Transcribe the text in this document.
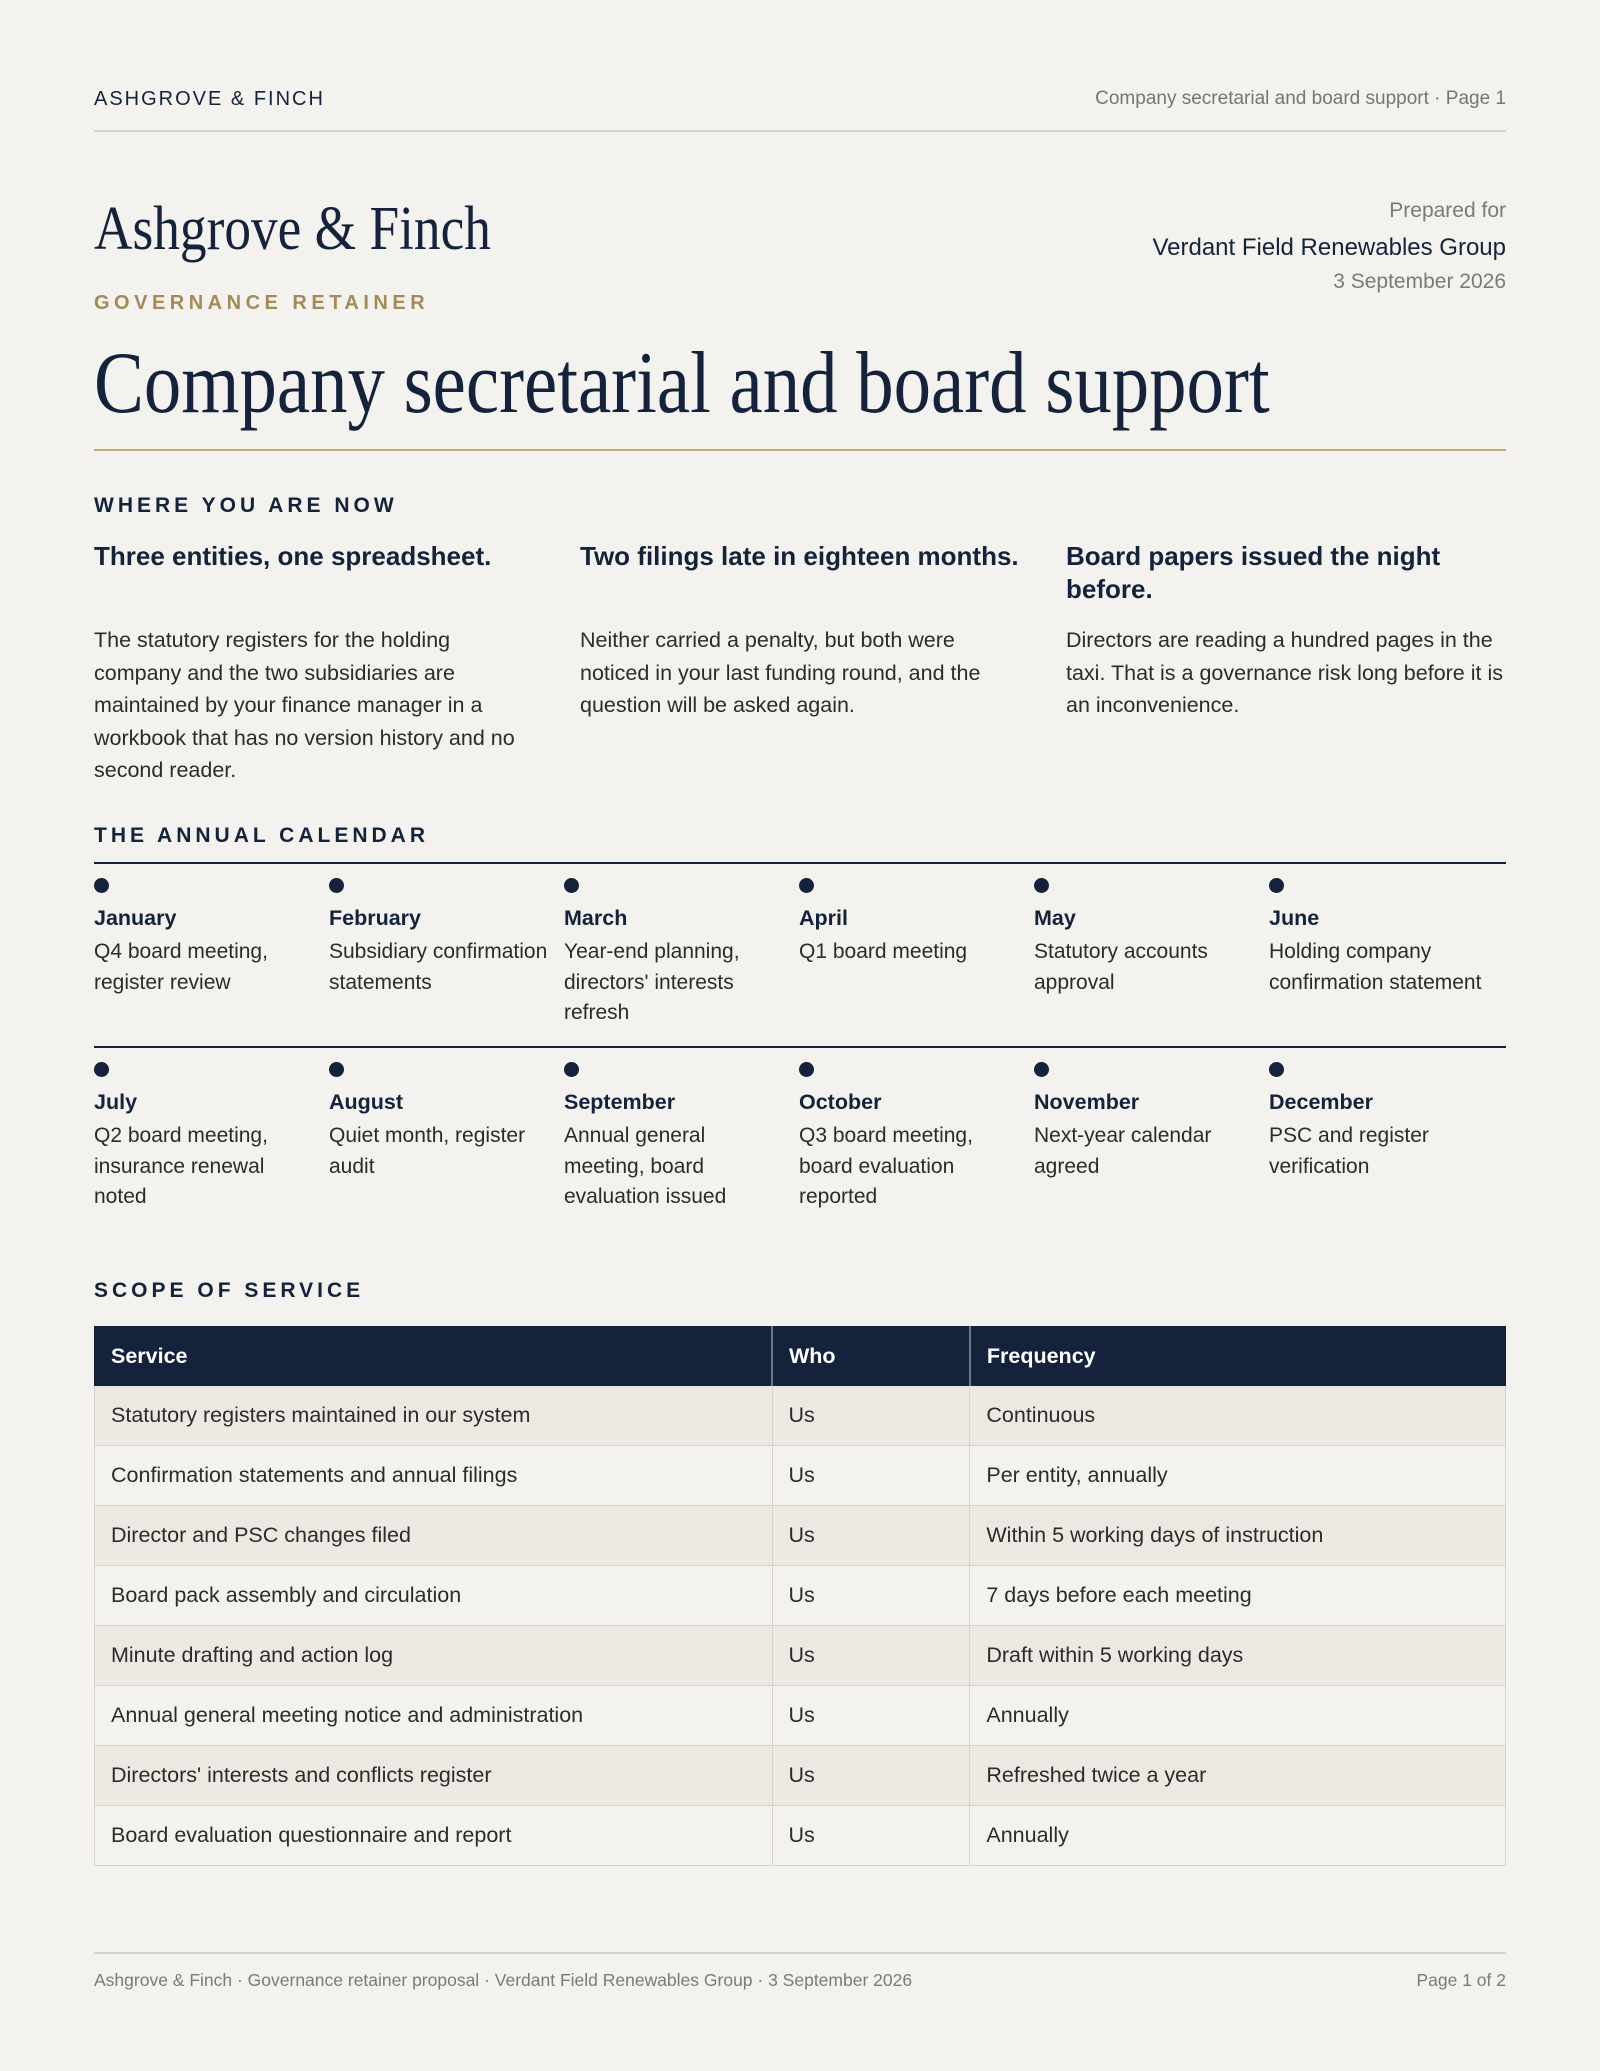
ASHGROVE & FINCH	Company secretarial and board support · Page 1
Ashgrove & Finch
GOVERNANCE RETAINER
Prepared for
Verdant Field Renewables Group
3 September 2026
Company secretarial and board support
WHERE YOU ARE NOW
Three entities, one spreadsheet.

The statutory registers for the holding company and the two subsidiaries are maintained by your finance manager in a workbook that has no version history and no second reader.

Two filings late in eighteen months.

Neither carried a penalty, but both were noticed in your last funding round, and the question will be asked again.

Board papers issued the night before.

Directors are reading a hundred pages in the taxi. That is a governance risk long before it is an inconvenience.

THE ANNUAL CALENDAR
January
Q4 board meeting, register review
February
Subsidiary confirmation statements
March
Year-end planning, directors' interests refresh
April
Q1 board meeting
May
Statutory accounts approval
June
Holding company confirmation statement
July
Q2 board meeting, insurance renewal noted
August
Quiet month, register audit
September
Annual general meeting, board evaluation issued
October
Q3 board meeting, board evaluation reported
November
Next-year calendar agreed
December
PSC and register verification
SCOPE OF SERVICE
Service	Who	Frequency
Statutory registers maintained in our system	Us	Continuous
Confirmation statements and annual filings	Us	Per entity, annually
Director and PSC changes filed	Us	Within 5 working days of instruction
Board pack assembly and circulation	Us	7 days before each meeting
Minute drafting and action log	Us	Draft within 5 working days
Annual general meeting notice and administration	Us	Annually
Directors' interests and conflicts register	Us	Refreshed twice a year
Board evaluation questionnaire and report	Us	Annually
Ashgrove & Finch · Governance retainer proposal · Verdant Field Renewables Group · 3 September 2026	Page 1 of 2
